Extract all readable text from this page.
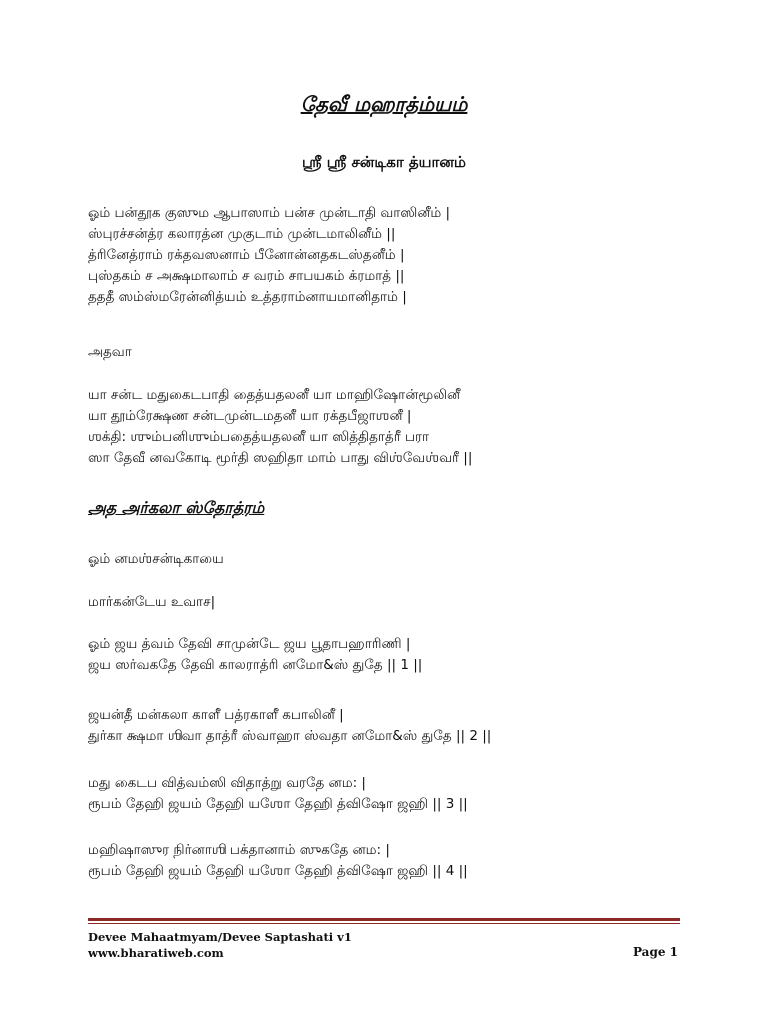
தேவீ மஹாத்ம்யம்
ஸ்ரீ ஸ்ரீ சன்டிகா த்யானம்
ஓம் பன்தூக குஸும ஆபாஸாம் பன்ச முன்டாதி வாஸினீம் |
ஸ்புரச்சன்த்ர கலாரத்ன முகுடாம் முன்டமாலினீம் ||
த்ரினேத்ராம் ரக்தவஸனாம் பீனோன்னதகடஸ்தனீம் |
புஸ்தகம் ச அக்ஷமாலாம் ச வரம் சாபயகம் க்ரமாத் ||
தததீ ஸம்ஸ்மரேன்னித்யம் உத்தராம்னாயமானிதாம் |
அதவா
யா சன்ட மதுகைடபாதி தைத்யதலனீ யா மாஹிஷோன்மூலினீ
யா தூம்ரேக்ஷண சன்டமுன்டமதனீ யா ரக்தபீஜாஶனீ |
ஶக்தி: ஶும்பனிஶும்பதைத்யதலனீ யா ஸித்திதாத்ரீ பரா
ஸா தேவீ னவகோடி மூர்தி ஸஹிதா மாம் பாது விஶ்வேஶ்வரீ ||
அத அர்கலா ஸ்தோத்ரம்
ஓம் னமஶ்சன்டிகாயை
மார்கன்டேய உவாச|
ஓம் ஜய த்வம் தேவி சாமுன்டே ஜய பூதாபஹாரிணி |
ஜய ஸர்வகதே தேவி காலராத்ரி னமோ&ஸ் துதே || 1 ||
ஜயன்தீ மன்கலா காளீ பத்ரகாளீ கபாலினீ |
துர்கா க்ஷமா ஶிவா தாத்ரீ ஸ்வாஹா ஸ்வதா னமோ&ஸ் துதே || 2 ||
மது கைடப வித்வம்ஸி விதாத்று வரதே னம: |
ரூபம் தேஹி ஜயம் தேஹி யஶோ தேஹி த்விஷோ ஜஹி || 3 ||
மஹிஷாஸுர நிர்னாஶி பக்தானாம் ஸுகதே னம: |
ரூபம் தேஹி ஜயம் தேஹி யஶோ தேஹி த்விஷோ ஜஹி || 4 ||
Devee Mahaatmyam/Devee Saptashati v1
www.bharatiweb.com	Page 1
